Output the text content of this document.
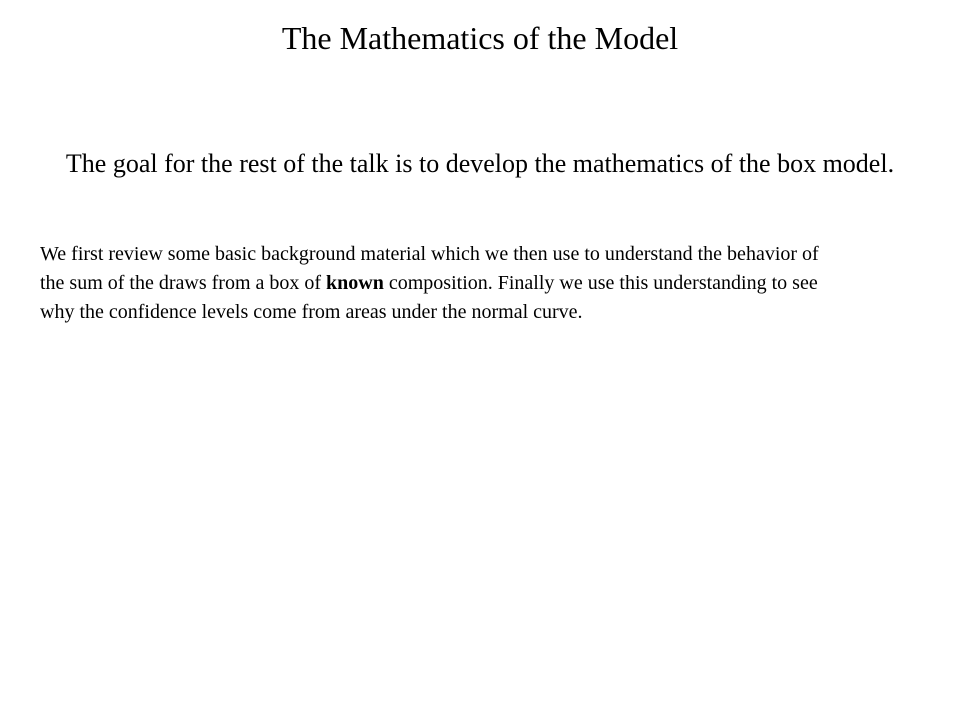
The Mathematics of the Model

The goal for the rest of the talk is to develop the mathematics of the box model.

We first review some basic background material which we then use to understand the behavior of the sum of the draws from a box of known composition. Finally we use this understanding to see why the confidence levels come from areas under the normal curve.
